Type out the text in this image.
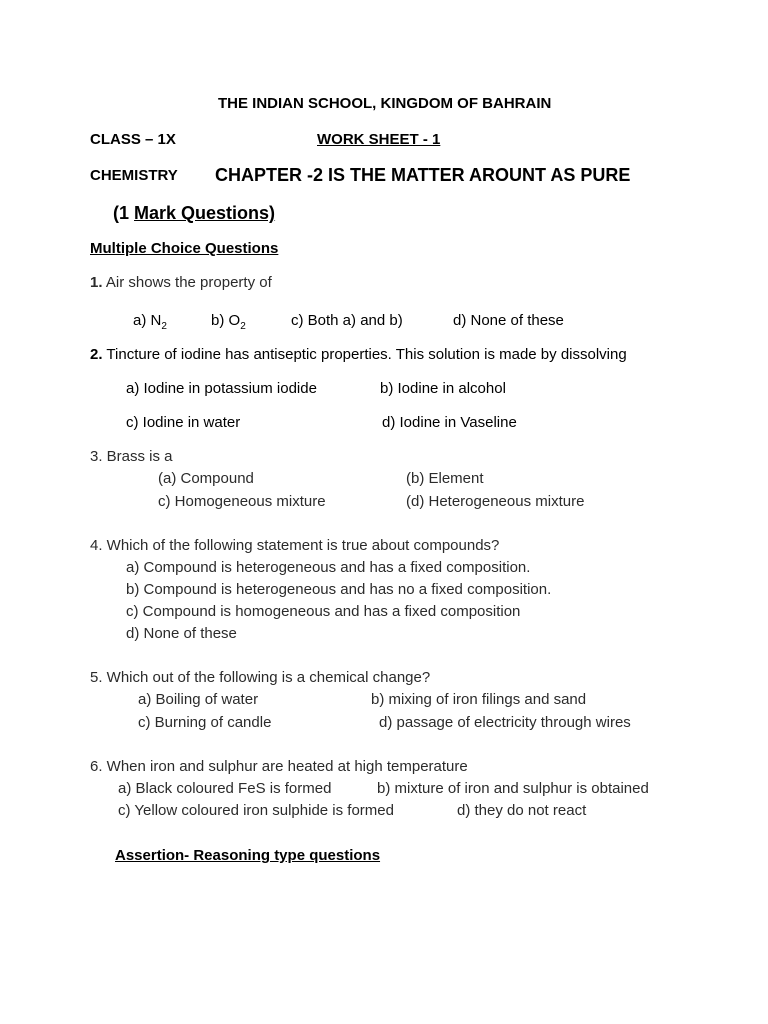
THE INDIAN SCHOOL, KINGDOM OF BAHRAIN
CLASS – 1X	WORK SHEET - 1
CHEMISTRY CHAPTER -2 IS THE MATTER AROUNT AS PURE
(1 Mark Questions)
Multiple Choice Questions
1. Air shows the property of
a) $N_2$	b) $O_2$	c) Both a) and b)	d) None of these
2. Tincture of iodine has antiseptic properties. This solution is made by dissolving
a) Iodine in potassium iodide	b) Iodine in alcohol
c) Iodine in water	d) Iodine in Vaseline
3. Brass is a
(a) Compound	(b) Element
c) Homogeneous mixture	(d) Heterogeneous mixture
4. Which of the following statement is true about compounds?
a) Compound is heterogeneous and has a fixed composition.
b) Compound is heterogeneous and has no a fixed composition.
c) Compound is homogeneous and has a fixed composition
d) None of these
5. Which out of the following is a chemical change?
a) Boiling of water	b) mixing of iron filings and sand
c) Burning of candle	d) passage of electricity through wires
6. When iron and sulphur are heated at high temperature
a) Black coloured FeS is formed	b) mixture of iron and sulphur is obtained
c) Yellow coloured iron sulphide is formed	d) they do not react
Assertion- Reasoning type questions
